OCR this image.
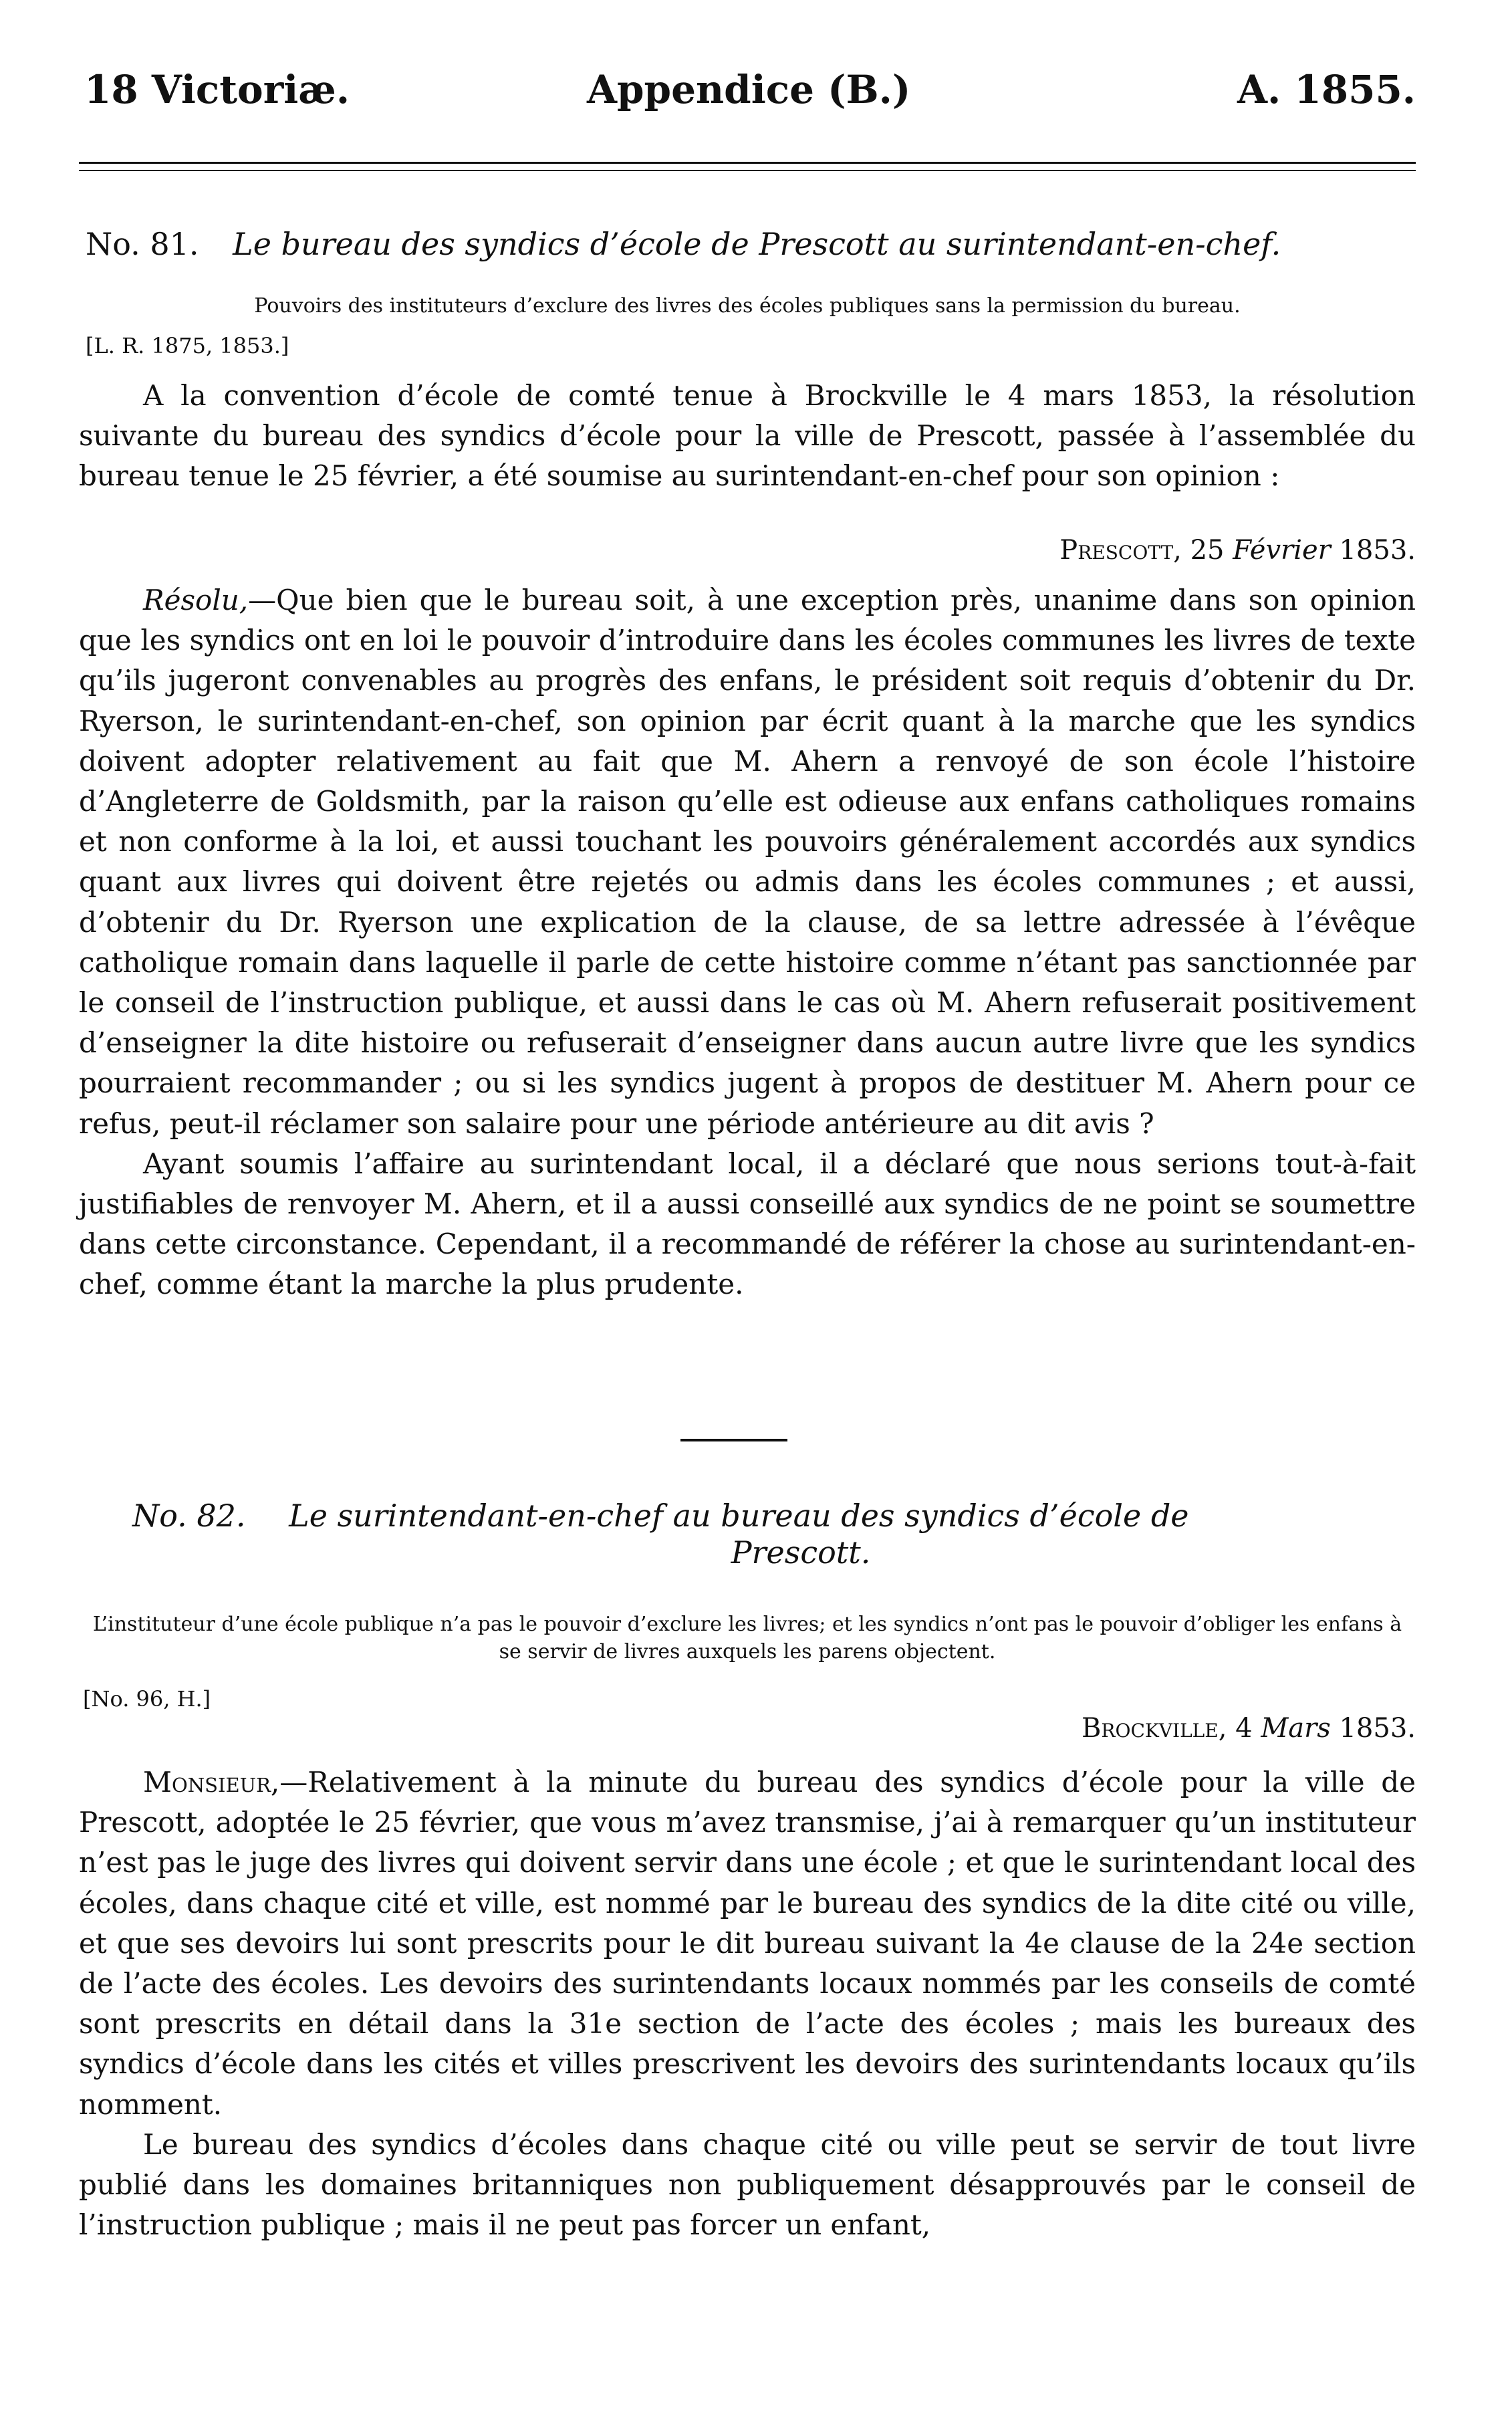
18 Victoriæ.	Appendice (B.)	A. 1855.
No. 81. Le bureau des syndics d’école de Prescott au surintendant-en-chef.
Pouvoirs des instituteurs d’exclure des livres des écoles publiques sans la permission du bureau.
[L. R. 1875, 1853.]

A la convention d’école de comté tenue à Brockville le 4 mars 1853, la résolution suivante du bureau des syndics d’école pour la ville de Prescott, passée à l’assemblée du bureau tenue le 25 février, a été soumise au surintendant-en-chef pour son opinion :

Prescott, 25 Février 1853.

Résolu,—Que bien que le bureau soit, à une exception près, unanime dans son opinion que les syndics ont en loi le pouvoir d’introduire dans les écoles communes les livres de texte qu’ils jugeront convenables au progrès des enfans, le président soit requis d’obtenir du Dr. Ryerson, le surintendant-en-chef, son opinion par écrit quant à la marche que les syndics doivent adopter relativement au fait que M. Ahern a renvoyé de son école l’histoire d’Angleterre de Goldsmith, par la raison qu’elle est odieuse aux enfans catholiques romains et non conforme à la loi, et aussi touchant les pouvoirs généralement accordés aux syndics quant aux livres qui doivent être rejetés ou admis dans les écoles communes ; et aussi, d’obtenir du Dr. Ryerson une explication de la clause, de sa lettre adressée à l’évêque catholique romain dans laquelle il parle de cette histoire comme n’étant pas sanctionnée par le conseil de l’instruction publique, et aussi dans le cas où M. Ahern refuserait positivement d’enseigner la dite histoire ou refuserait d’enseigner dans aucun autre livre que les syndics pourraient recommander ; ou si les syndics jugent à propos de destituer M. Ahern pour ce refus, peut-il réclamer son salaire pour une période antérieure au dit avis ?

Ayant soumis l’affaire au surintendant local, il a déclaré que nous serions tout-à-fait justifiables de renvoyer M. Ahern, et il a aussi conseillé aux syndics de ne point se soumettre dans cette circonstance. Cependant, il a recommandé de référer la chose au surintendant-en-chef, comme étant la marche la plus prudente.

No. 82. Le surintendant-en-chef au bureau des syndics d’école de
Prescott.
L’instituteur d’une école publique n’a pas le pouvoir d’exclure les livres; et les syndics n’ont pas le pouvoir d’obliger les enfans à se servir de livres auxquels les parens objectent.
[No. 96, H.]
Brockville, 4 Mars 1853.

Monsieur,—Relativement à la minute du bureau des syndics d’école pour la ville de Prescott, adoptée le 25 février, que vous m’avez transmise, j’ai à remarquer qu’un instituteur n’est pas le juge des livres qui doivent servir dans une école ; et que le surintendant local des écoles, dans chaque cité et ville, est nommé par le bureau des syndics de la dite cité ou ville, et que ses devoirs lui sont prescrits pour le dit bureau suivant la 4e clause de la 24e section de l’acte des écoles. Les devoirs des surintendants locaux nommés par les conseils de comté sont prescrits en détail dans la 31e section de l’acte des écoles ; mais les bureaux des syndics d’école dans les cités et villes prescrivent les devoirs des surintendants locaux qu’ils nomment.

Le bureau des syndics d’écoles dans chaque cité ou ville peut se servir de tout livre publié dans les domaines britanniques non publiquement désapprouvés par le conseil de l’instruction publique ; mais il ne peut pas forcer un enfant,
